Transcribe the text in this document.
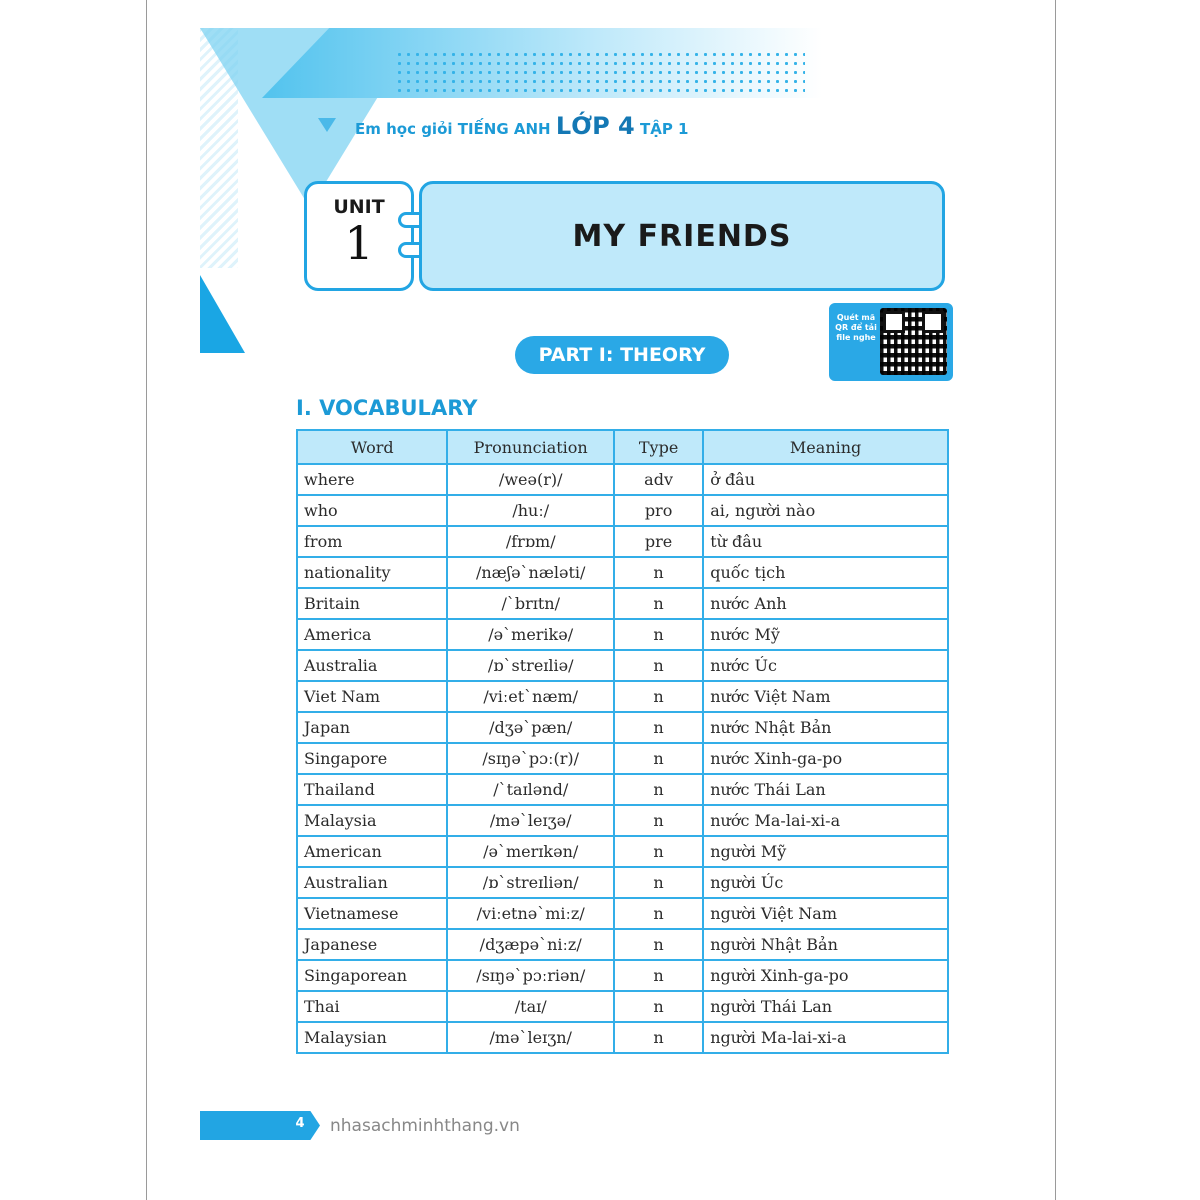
Em học giỏi TIẾNG ANH LỚP 4 TẬP 1
UNIT
1	MY FRIENDS
PART I: THEORY
Quét mã QR để tải file nghe
I. VOCABULARY
Word	Pronunciation	Type	Meaning
where	/weə(r)/	adv	ở đâu
who	/huː/	pro	ai, người nào
from	/frɒm/	pre	từ đâu
nationality	/næʃə`næləti/	n	quốc tịch
Britain	/`brɪtn/	n	nước Anh
America	/ə`merikə/	n	nước Mỹ
Australia	/ɒ`streɪliə/	n	nước Úc
Viet Nam	/viːet`næm/	n	nước Việt Nam
Japan	/dʒə`pæn/	n	nước Nhật Bản
Singapore	/sɪŋə`pɔː(r)/	n	nước Xinh-ga-po
Thailand	/`taɪlənd/	n	nước Thái Lan
Malaysia	/mə`leɪʒə/	n	nước Ma-lai-xi-a
American	/ə`merɪkən/	n	người Mỹ
Australian	/ɒ`streɪliən/	n	người Úc
Vietnamese	/viːetnə`miːz/	n	người Việt Nam
Japanese	/dʒæpə`niːz/	n	người Nhật Bản
Singaporean	/sɪŋə`pɔːriən/	n	người Xinh-ga-po
Thai	/taɪ/	n	người Thái Lan
Malaysian	/mə`leɪʒn/	n	người Ma-lai-xi-a
4	nhasachminhthang.vn
